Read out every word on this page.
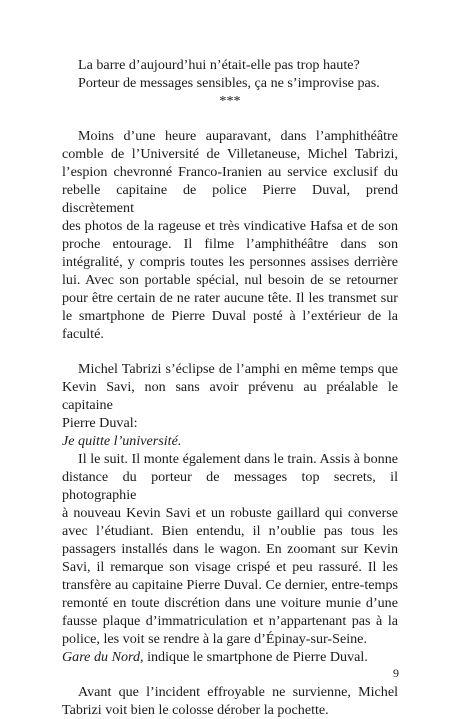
La barre d’aujourd’hui n’était-elle pas trop haute?
Porteur de messages sensibles, ça ne s’improvise pas.
***
Moins d’une heure auparavant, dans l’amphithéâtre
comble de l’Université de Villetaneuse, Michel Tabrizi,
l’espion chevronné Franco-Iranien au service exclusif du
rebelle capitaine de police Pierre Duval, prend discrètement
des photos de la rageuse et très vindicative Hafsa et de son
proche entourage. Il filme l’amphithéâtre dans son
intégralité, y compris toutes les personnes assises derrière
lui. Avec son portable spécial, nul besoin de se retourner
pour être certain de ne rater aucune tête. Il les transmet sur
le smartphone de Pierre Duval posté à l’extérieur de la
faculté.
Michel Tabrizi s’éclipse de l’amphi en même temps que
Kevin Savi, non sans avoir prévenu au préalable le capitaine
Pierre Duval:
Je quitte l’université.
Il le suit. Il monte également dans le train. Assis à bonne
distance du porteur de messages top secrets, il photographie
à nouveau Kevin Savi et un robuste gaillard qui converse
avec l’étudiant. Bien entendu, il n’oublie pas tous les
passagers installés dans le wagon. En zoomant sur Kevin
Savi, il remarque son visage crispé et peu rassuré. Il les
transfère au capitaine Pierre Duval. Ce dernier, entre-temps
remonté en toute discrétion dans une voiture munie d’une
fausse plaque d’immatriculation et n’appartenant pas à la
police, les voit se rendre à la gare d’Épinay-sur-Seine.
Gare du Nord, indique le smartphone de Pierre Duval.
Avant que l’incident effroyable ne survienne, Michel
Tabrizi voit bien le colosse dérober la pochette.
9
